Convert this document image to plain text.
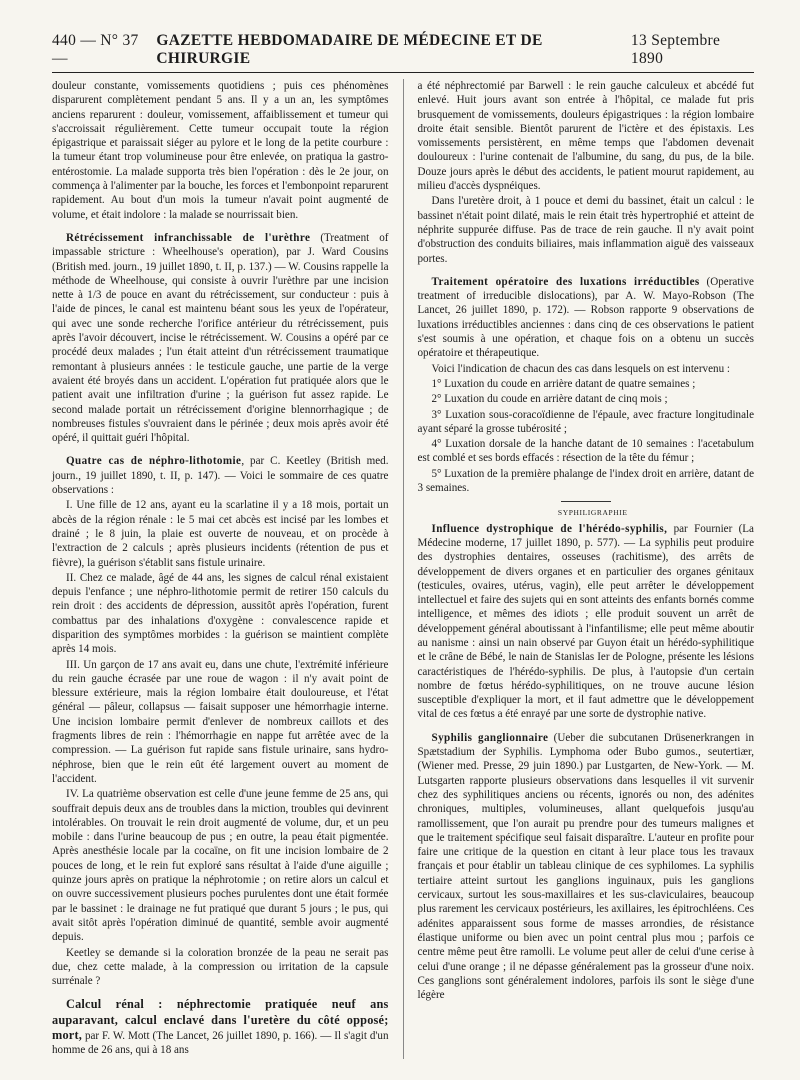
440 — N° 37 —
GAZETTE HEBDOMADAIRE DE MÉDECINE ET DE CHIRURGIE
13 Septembre 1890

douleur constante, vomissements quotidiens ; puis ces phénomènes disparurent complètement pendant 5 ans. Il y a un an, les symptômes anciens reparurent : douleur, vomissement, affaiblissement et tumeur qui s'accroissait régulièrement. Cette tumeur occupait toute la région épigastrique et paraissait siéger au pylore et le long de la petite courbure : la tumeur étant trop volumineuse pour être enlevée, on pratiqua la gastro-entérostomie. La malade supporta très bien l'opération : dès le 2e jour, on commença à l'alimenter par la bouche, les forces et l'embonpoint reparurent rapidement. Au bout d'un mois la tumeur n'avait point augmenté de volume, et était indolore : la malade se nourrissait bien.

Rétrécissement infranchissable de l'urèthre (Treatment of impassable stricture : Wheelhouse's operation), par J. Ward Cousins (British med. journ., 19 juillet 1890, t. II, p. 137.) — W. Cousins rappelle la méthode de Wheelhouse, qui consiste à ouvrir l'urèthre par une incision nette à 1/3 de pouce en avant du rétrécissement, sur conducteur : puis à l'aide de pinces, le canal est maintenu béant sous les yeux de l'opérateur, qui avec une sonde recherche l'orifice antérieur du rétrécissement, puis après l'avoir découvert, incise le rétrécissement. W. Cousins a opéré par ce procédé deux malades ; l'un était atteint d'un rétrécissement traumatique remontant à plusieurs années : le testicule gauche, une partie de la verge avaient été broyés dans un accident. L'opération fut pratiquée alors que le patient avait une infiltration d'urine ; la guérison fut assez rapide. Le second malade portait un rétrécissement d'origine blennorrhagique ; de nombreuses fistules s'ouvraient dans le périnée ; deux mois après avoir été opéré, il quittait guéri l'hôpital.

Quatre cas de néphro-lithotomie, par C. Keetley (British med. journ., 19 juillet 1890, t. II, p. 147). — Voici le sommaire de ces quatre observations :

I. Une fille de 12 ans, ayant eu la scarlatine il y a 18 mois, portait un abcès de la région rénale : le 5 mai cet abcès est incisé par les lombes et drainé ; le 8 juin, la plaie est ouverte de nouveau, et on procède à l'extraction de 2 calculs ; après plusieurs incidents (rétention de pus et fièvre), la guérison s'établit sans fistule urinaire.

II. Chez ce malade, âgé de 44 ans, les signes de calcul rénal existaient depuis l'enfance ; une néphro-lithotomie permit de retirer 150 calculs du rein droit : des accidents de dépression, aussitôt après l'opération, furent combattus par des inhalations d'oxygène : convalescence rapide et disparition des symptômes morbides : la guérison se maintient complète après 14 mois.

III. Un garçon de 17 ans avait eu, dans une chute, l'extrémité inférieure du rein gauche écrasée par une roue de wagon : il n'y avait point de blessure extérieure, mais la région lombaire était douloureuse, et l'état général — pâleur, collapsus — faisait supposer une hémorrhagie interne. Une incision lombaire permit d'enlever de nombreux caillots et des fragments libres de rein : l'hémorrhagie en nappe fut arrêtée avec de la compression. — La guérison fut rapide sans fistule urinaire, sans hydro-néphrose, bien que le rein eût été largement ouvert au moment de l'accident.

IV. La quatrième observation est celle d'une jeune femme de 25 ans, qui souffrait depuis deux ans de troubles dans la miction, troubles qui devinrent intolérables. On trouvait le rein droit augmenté de volume, dur, et un peu mobile : dans l'urine beaucoup de pus ; en outre, la peau était pigmentée. Après anesthésie locale par la cocaïne, on fit une incision lombaire de 2 pouces de long, et le rein fut exploré sans résultat à l'aide d'une aiguille ; quinze jours après on pratique la néphrotomie ; on retire alors un calcul et on ouvre successivement plusieurs poches purulentes dont une était formée par le bassinet : le drainage ne fut pratiqué que durant 5 jours ; le pus, qui avait sitôt après l'opération diminué de quantité, semble avoir augmenté depuis.

Keetley se demande si la coloration bronzée de la peau ne serait pas due, chez cette malade, à la compression ou irritation de la capsule surrénale ?

Calcul rénal : néphrectomie pratiquée neuf ans auparavant, calcul enclavé dans l'uretère du côté opposé; mort, par F. W. Mott (The Lancet, 26 juillet 1890, p. 166). — Il s'agit d'un homme de 26 ans, qui à 18 ans

a été néphrectomié par Barwell : le rein gauche calculeux et abcédé fut enlevé. Huit jours avant son entrée à l'hôpital, ce malade fut pris brusquement de vomissements, douleurs épigastriques : la région lombaire droite était sensible. Bientôt parurent de l'ictère et des épistaxis. Les vomissements persistèrent, en même temps que l'abdomen devenait douloureux : l'urine contenait de l'albumine, du sang, du pus, de la bile. Douze jours après le début des accidents, le patient mourut rapidement, au milieu d'accès dyspnéiques.

Dans l'uretère droit, à 1 pouce et demi du bassinet, était un calcul : le bassinet n'était point dilaté, mais le rein était très hypertrophié et atteint de néphrite suppurée diffuse. Pas de trace de rein gauche. Il n'y avait point d'obstruction des conduits biliaires, mais inflammation aiguë des vaisseaux portes.

Traitement opératoire des luxations irréductibles (Operative treatment of irreducible dislocations), par A. W. Mayo-Robson (The Lancet, 26 juillet 1890, p. 172). — Robson rapporte 9 observations de luxations irréductibles anciennes : dans cinq de ces observations le patient s'est soumis à une opération, et chaque fois on a obtenu un succès opératoire et thérapeutique.

Voici l'indication de chacun des cas dans lesquels on est intervenu :

1° Luxation du coude en arrière datant de quatre semaines ;

2° Luxation du coude en arrière datant de cinq mois ;

3° Luxation sous-coracoïdienne de l'épaule, avec fracture longitudinale ayant séparé la grosse tubérosité ;

4° Luxation dorsale de la hanche datant de 10 semaines : l'acetabulum est comblé et ses bords effacés : résection de la tête du fémur ;

5° Luxation de la première phalange de l'index droit en arrière, datant de 3 semaines.

SYPHILIGRAPHIE

Influence dystrophique de l'hérédo-syphilis, par Fournier (La Médecine moderne, 17 juillet 1890, p. 577). — La syphilis peut produire des dystrophies dentaires, osseuses (rachitisme), des arrêts de développement de divers organes et en particulier des organes génitaux (testicules, ovaires, utérus, vagin), elle peut arrêter le développement intellectuel et faire des sujets qui en sont atteints des enfants bornés comme intelligence, et mêmes des idiots ; elle produit souvent un arrêt de développement général aboutissant à l'infantilisme; elle peut même aboutir au nanisme : ainsi un nain observé par Guyon était un hérédo-syphilitique et le crâne de Bébé, le nain de Stanislas Ier de Pologne, présente les lésions caractéristiques de l'hérédo-syphilis. De plus, à l'autopsie d'un certain nombre de fœtus hérédo-syphilitiques, on ne trouve aucune lésion susceptible d'expliquer la mort, et il faut admettre que le développement vital de ces fœtus a été enrayé par une sorte de dystrophie native.

Syphilis ganglionnaire (Ueber die subcutanen Drüsenerkrangen in Spætstadium der Syphilis. Lymphoma oder Bubo gumos., seutertiær, (Wiener med. Presse, 29 juin 1890.) par Lustgarten, de New-York. — M. Lutsgarten rapporte plusieurs observations dans lesquelles il vit survenir chez des syphilitiques anciens ou récents, ignorés ou non, des adénites chroniques, multiples, volumineuses, allant quelquefois jusqu'au ramollissement, que l'on aurait pu prendre pour des tumeurs malignes et que le traitement spécifique seul faisait disparaître. L'auteur en profite pour faire une critique de la question en citant à leur place tous les travaux français et pour établir un tableau clinique de ces syphilomes. La syphilis tertiaire atteint surtout les ganglions inguinaux, puis les ganglions cervicaux, surtout les sous-maxillaires et les sus-claviculaires, beaucoup plus rarement les cervicaux postérieurs, les axillaires, les épitrochléens. Ces adénites apparaissent sous forme de masses arrondies, de résistance élastique uniforme ou bien avec un point central plus mou ; parfois ce centre même peut être ramolli. Le volume peut aller de celui d'une cerise à celui d'une orange ; il ne dépasse généralement pas la grosseur d'une noix. Ces ganglions sont généralement indolores, parfois ils sont le siège d'une légère
